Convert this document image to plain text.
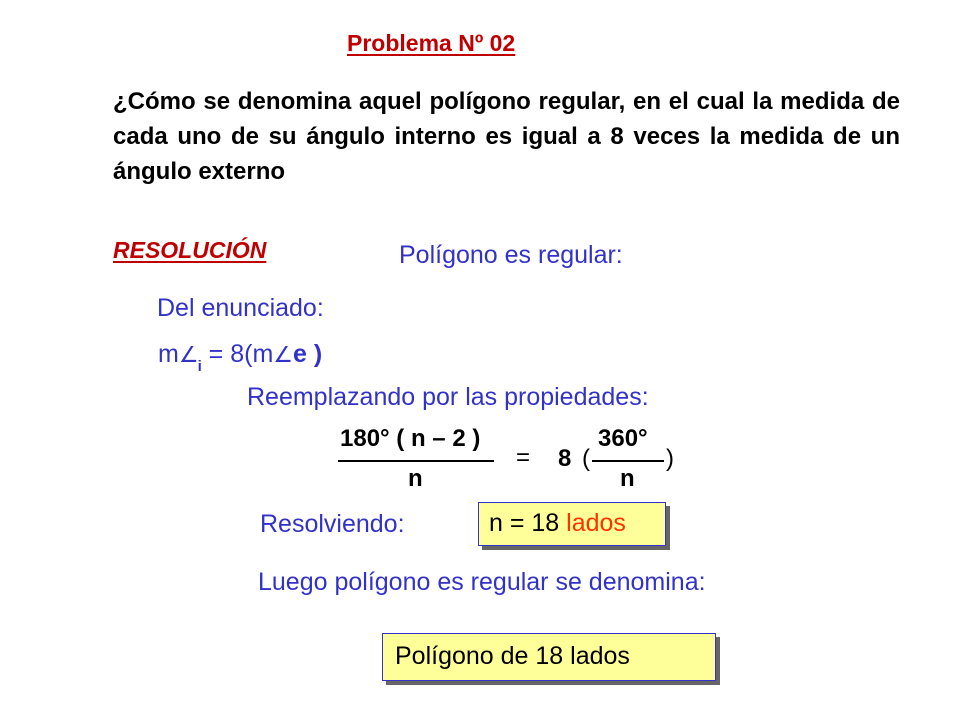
Problema Nº 02
¿Cómo se denomina aquel polígono regular, en el cual la medida de cada uno de su ángulo interno es igual a 8 veces la medida de un ángulo externo
RESOLUCIÓN	Polígono es regular:
Del enunciado:
$m\angle_i$ = 8(m∠e )
Reemplazando por las propiedades:
180° ( n – 2 )
n
= 8 (
360°
n
)
Resolviendo:	n = 18 lados
Luego polígono es regular se denomina:
Polígono de 18 lados
